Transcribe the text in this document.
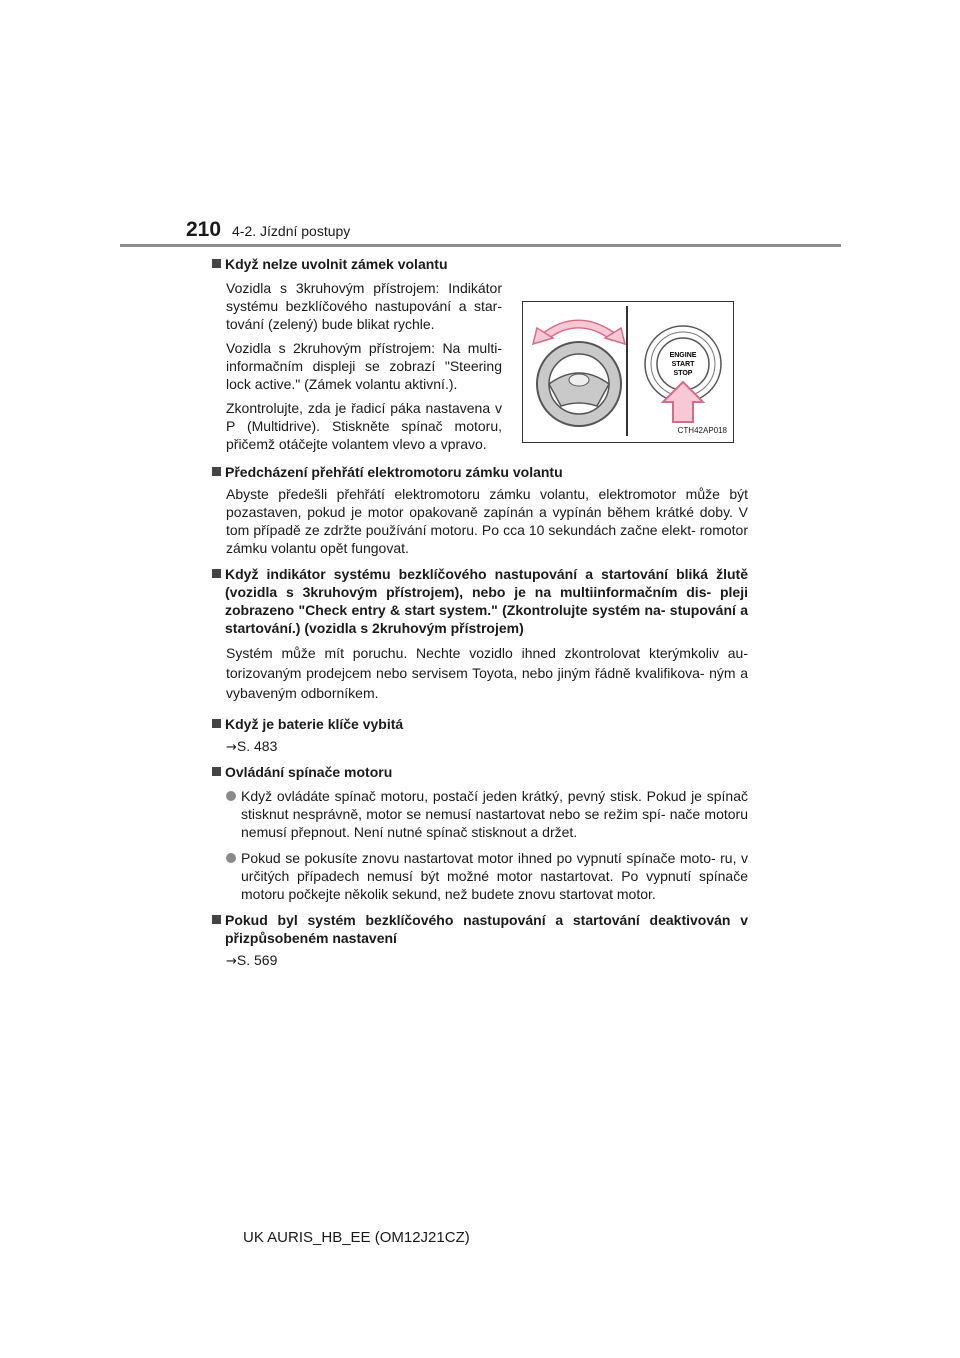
210 4-2. Jízdní postupy
Když nelze uvolnit zámek volantu
Vozidla s 3kruhovým přístrojem: Indikátor systému bezklíčového nastupování a star- tování (zelený) bude blikat rychle.
Vozidla s 2kruhovým přístrojem: Na multi- informačním displeji se zobrazí "Steering lock active." (Zámek volantu aktivní.).
Zkontrolujte, zda je řadicí páka nastavena v P (Multidrive). Stiskněte spínač motoru, přičemž otáčejte volantem vlevo a vpravo.
ENGINE
START
STOP
CTH42AP018
Předcházení přehřátí elektromotoru zámku volantu
Abyste předešli přehřátí elektromotoru zámku volantu, elektromotor může být pozastaven, pokud je motor opakovaně zapínán a vypínán během krátké doby. V tom případě ze zdržte používání motoru. Po cca 10 sekundách začne elekt- romotor zámku volantu opět fungovat.
Když indikátor systému bezklíčového nastupování a startování bliká žlutě (vozidla s 3kruhovým přístrojem), nebo je na multiinformačním dis- pleji zobrazeno "Check entry & start system." (Zkontrolujte systém na- stupování a startování.) (vozidla s 2kruhovým přístrojem)
Systém může mít poruchu. Nechte vozidlo ihned zkontrolovat kterýmkoliv au- torizovaným prodejcem nebo servisem Toyota, nebo jiným řádně kvalifikova- ným a vybaveným odborníkem.
Když je baterie klíče vybitá
→S. 483
Ovládání spínače motoru
Když ovládáte spínač motoru, postačí jeden krátký, pevný stisk. Pokud je spínač stisknut nesprávně, motor se nemusí nastartovat nebo se režim spí- nače motoru nemusí přepnout. Není nutné spínač stisknout a držet.
Pokud se pokusíte znovu nastartovat motor ihned po vypnutí spínače moto- ru, v určitých případech nemusí být možné motor nastartovat. Po vypnutí spínače motoru počkejte několik sekund, než budete znovu startovat motor.
Pokud byl systém bezklíčového nastupování a startování deaktivován v přizpůsobeném nastavení
→S. 569
UK AURIS_HB_EE (OM12J21CZ)
